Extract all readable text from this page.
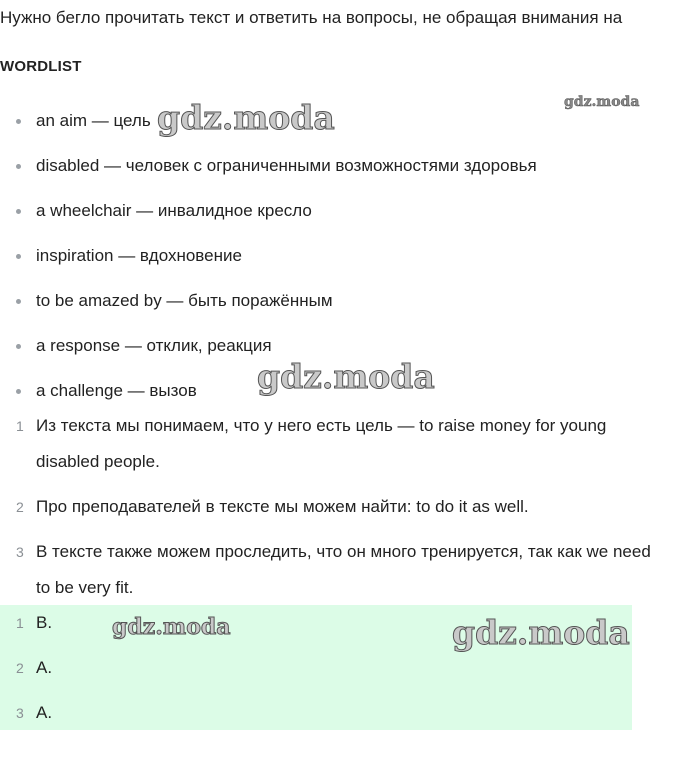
Нужно бегло прочитать текст и ответить на вопросы, не обращая внимания на
WORDLIST
an aim — цель
disabled — человек с ограниченными возможностями здоровья
a wheelchair — инвалидное кресло
inspiration — вдохновение
to be amazed by — быть поражённым
a response — отклик, реакция
a challenge — вызов
1 Из текста мы понимаем, что у него есть цель — to raise money for young disabled people.
2 Про преподавателей в тексте мы можем найти: to do it as well.
3 В тексте также можем проследить, что он много тренируется, так как we need to be very fit.
1 B.
2 A.
3 A.
gdz.moda	gdz.moda
gdz.moda
gdz.moda	gdz.moda
